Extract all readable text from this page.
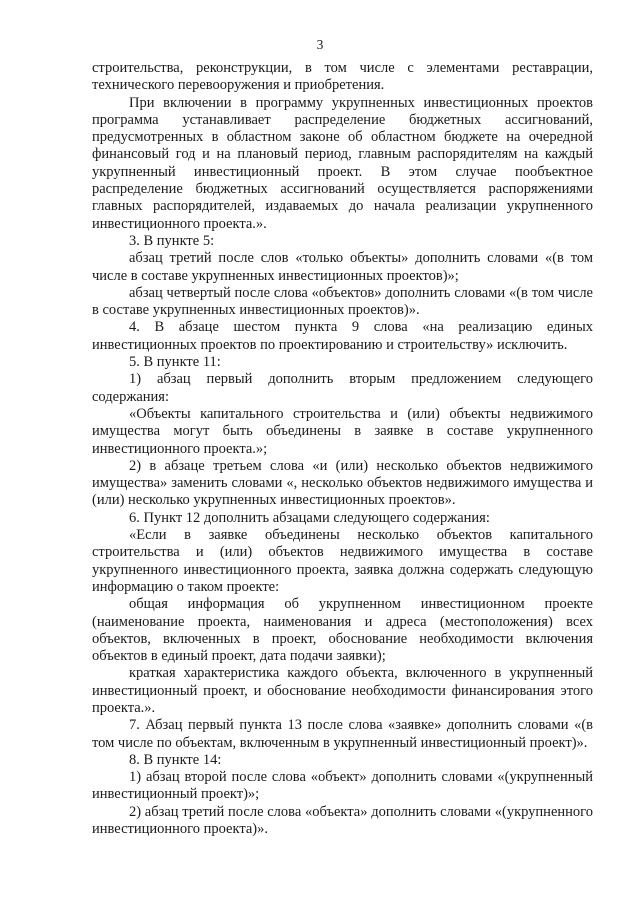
3

строительства, реконструкции, в том числе с элементами реставрации, технического перевооружения и приобретения.

При включении в программу укрупненных инвестиционных проектов программа устанавливает распределение бюджетных ассигнований, предусмотренных в областном законе об областном бюджете на очередной финансовый год и на плановый период, главным распорядителям на каждый укрупненный инвестиционный проект. В этом случае пообъектное распределение бюджетных ассигнований осуществляется распоряжениями главных распорядителей, издаваемых до начала реализации укрупненного инвестиционного проекта.».

3. В пункте 5:

абзац третий после слов «только объекты» дополнить словами «(в том числе в составе укрупненных инвестиционных проектов)»;

абзац четвертый после слова «объектов» дополнить словами «(в том числе в составе укрупненных инвестиционных проектов)».

4. В абзаце шестом пункта 9 слова «на реализацию единых инвестиционных проектов по проектированию и строительству» исключить.

5. В пункте 11:

1) абзац первый дополнить вторым предложением следующего содержания:

«Объекты капитального строительства и (или) объекты недвижимого имущества могут быть объединены в заявке в составе укрупненного инвестиционного проекта.»;

2) в абзаце третьем слова «и (или) несколько объектов недвижимого имущества» заменить словами «, несколько объектов недвижимого имущества и (или) несколько укрупненных инвестиционных проектов».

6. Пункт 12 дополнить абзацами следующего содержания:

«Если в заявке объединены несколько объектов капитального строительства и (или) объектов недвижимого имущества в составе укрупненного инвестиционного проекта, заявка должна содержать следующую информацию о таком проекте:

общая информация об укрупненном инвестиционном проекте (наименование проекта, наименования и адреса (местоположения) всех объектов, включенных в проект, обоснование необходимости включения объектов в единый проект, дата подачи заявки);

краткая характеристика каждого объекта, включенного в укрупненный инвестиционный проект, и обоснование необходимости финансирования этого проекта.».

7. Абзац первый пункта 13 после слова «заявке» дополнить словами «(в том числе по объектам, включенным в укрупненный инвестиционный проект)».

8. В пункте 14:

1) абзац второй после слова «объект» дополнить словами «(укрупненный инвестиционный проект)»;

2) абзац третий после слова «объекта» дополнить словами «(укрупненного инвестиционного проекта)».
